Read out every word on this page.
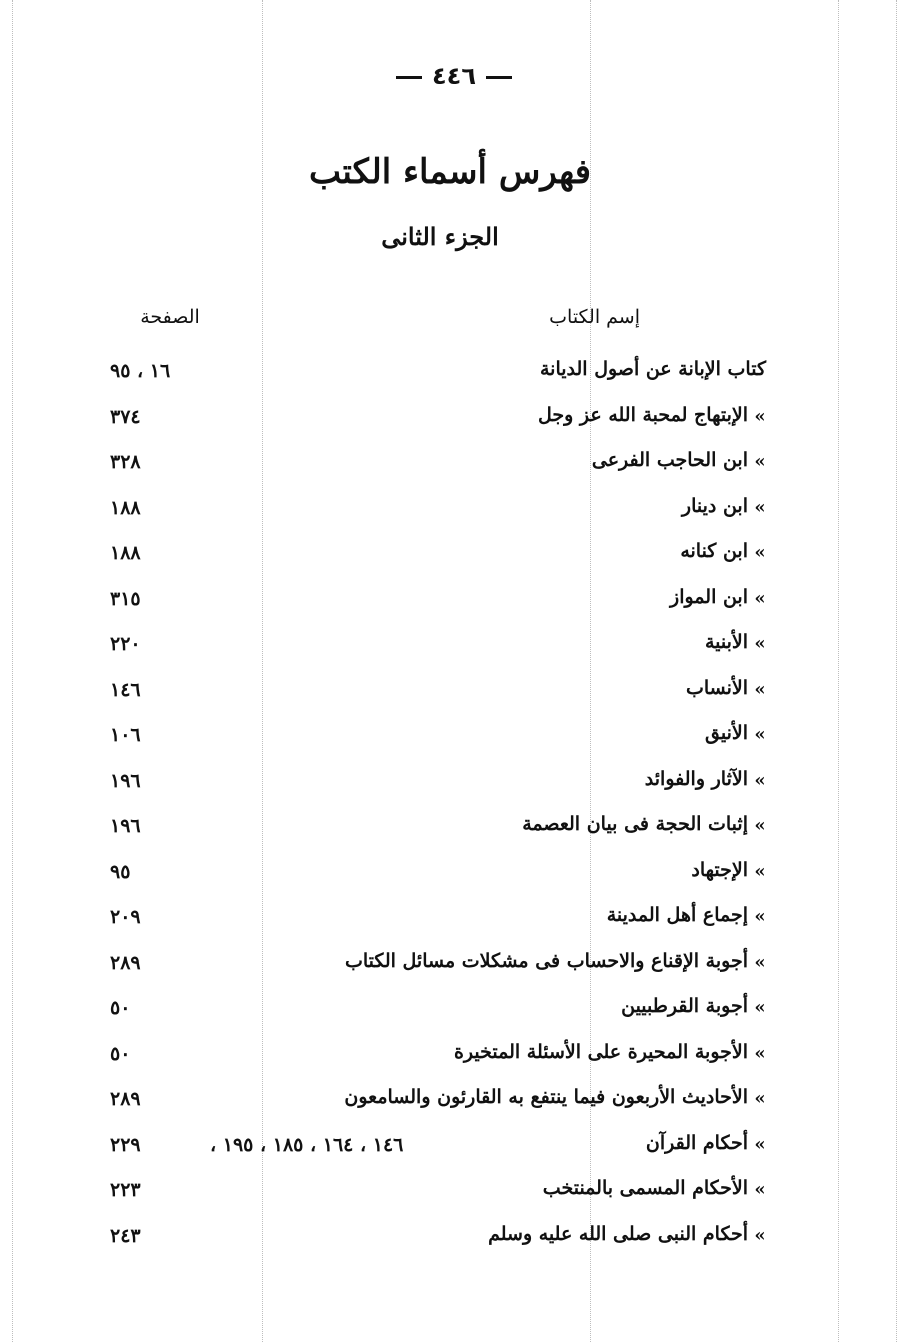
٤٤٦
فهرس أسماء الكتب
الجزء الثانى
إسم الكتاب
الصفحة
كتاب الإبانة عن أصول الديانة
١٦ ، ٩٥
»
الإبتهاج لمحبة الله عز وجل
٣٧٤
»
ابن الحاجب الفرعى
٣٢٨
»
ابن دينار
١٨٨
»
ابن كنانه
١٨٨
»
ابن المواز
٣١٥
»
الأبنية
٢٢٠
»
الأنساب
١٤٦
»
الأنيق
١٠٦
»
الآثار والفوائد
١٩٦
»
إثبات الحجة فى بيان العصمة
١٩٦
»
الإجتهاد
٩٥
»
إجماع أهل المدينة
٢٠٩
»
أجوبة الإقناع والاحساب فى مشكلات مسائل الكتاب
٢٨٩
»
أجوبة القرطبيين
٥٠
»
الأجوبة المحيرة على الأسئلة المتخيرة
٥٠
»
الأحاديث الأربعون فيما ينتفع به القارئون والسامعون
٢٨٩
»
أحكام القرآن
١٤٦ ، ١٦٤ ، ١٨٥ ، ١٩٥ ،
٢٢٩
»
الأحكام المسمى بالمنتخب
٢٢٣
»
أحكام النبى صلى الله عليه وسلم
٢٤٣
